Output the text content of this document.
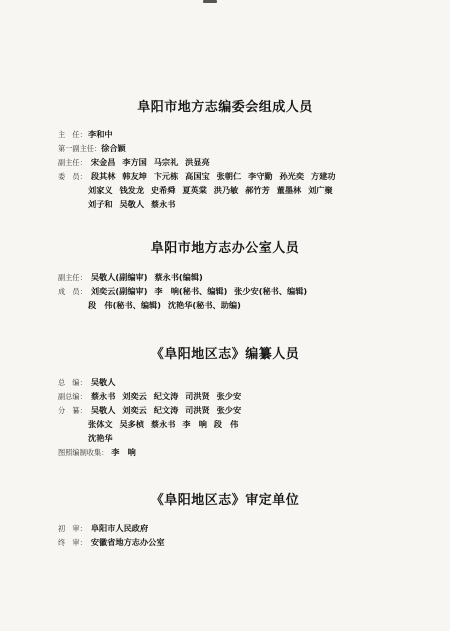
阜阳市地方志编委会组成人员
主　任：李和中
第一副主任：徐合颖
副主任： 宋金昌 李方国 马宗礼 洪显亮
委　员： 段其林 韩友坤 卞元栋 高国宝 张朝仁 李守勤 孙光奕 方建功
刘家义 钱发龙 史希舜 夏英棠 洪乃敏 郝竹芳 董墨林 刘广聚
刘子和 吴敬人 蔡永书
阜阳市地方志办公室人员
副主任： 吴敬人(副编审) 蔡永书(编辑)
成　员： 刘奕云(副编审) 李　响(秘书、编辑) 张少安(秘书、编辑)
段　伟(秘书、编辑) 沈艳华(秘书、助编)
《阜阳地区志》编纂人员
总　编： 吴敬人
副总编： 蔡永书 刘奕云 纪文涛 司洪贤 张少安
分　纂： 吴敬人 刘奕云 纪文涛 司洪贤 张少安
张体文 吴多桢 蔡永书 李　响 段　伟
沈艳华
图照编制收集： 李　响
《阜阳地区志》审定单位
初　审： 阜阳市人民政府
终　审： 安徽省地方志办公室
